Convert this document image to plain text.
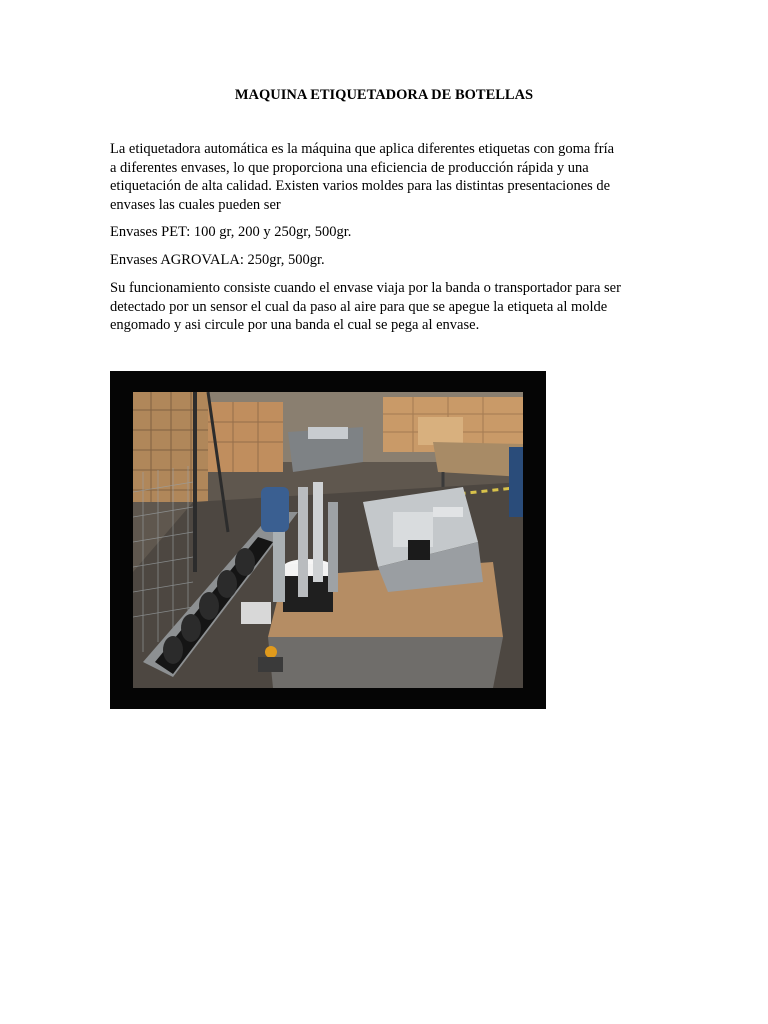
MAQUINA ETIQUETADORA DE BOTELLAS
La etiquetadora automática es la máquina que aplica diferentes etiquetas con goma fría
a diferentes envases, lo que proporciona una eficiencia de producción rápida y una
etiquetación de alta calidad. Existen varios moldes para las distintas presentaciones de
envases las cuales pueden ser
Envases PET: 100 gr, 200 y 250gr, 500gr.
Envases AGROVALA: 250gr, 500gr.
Su funcionamiento consiste cuando el envase viaja por la banda o transportador para ser
detectado por un sensor el cual da paso al aire para que se apegue la etiqueta al molde
engomado y asi circule por una banda el cual se pega al envase.
